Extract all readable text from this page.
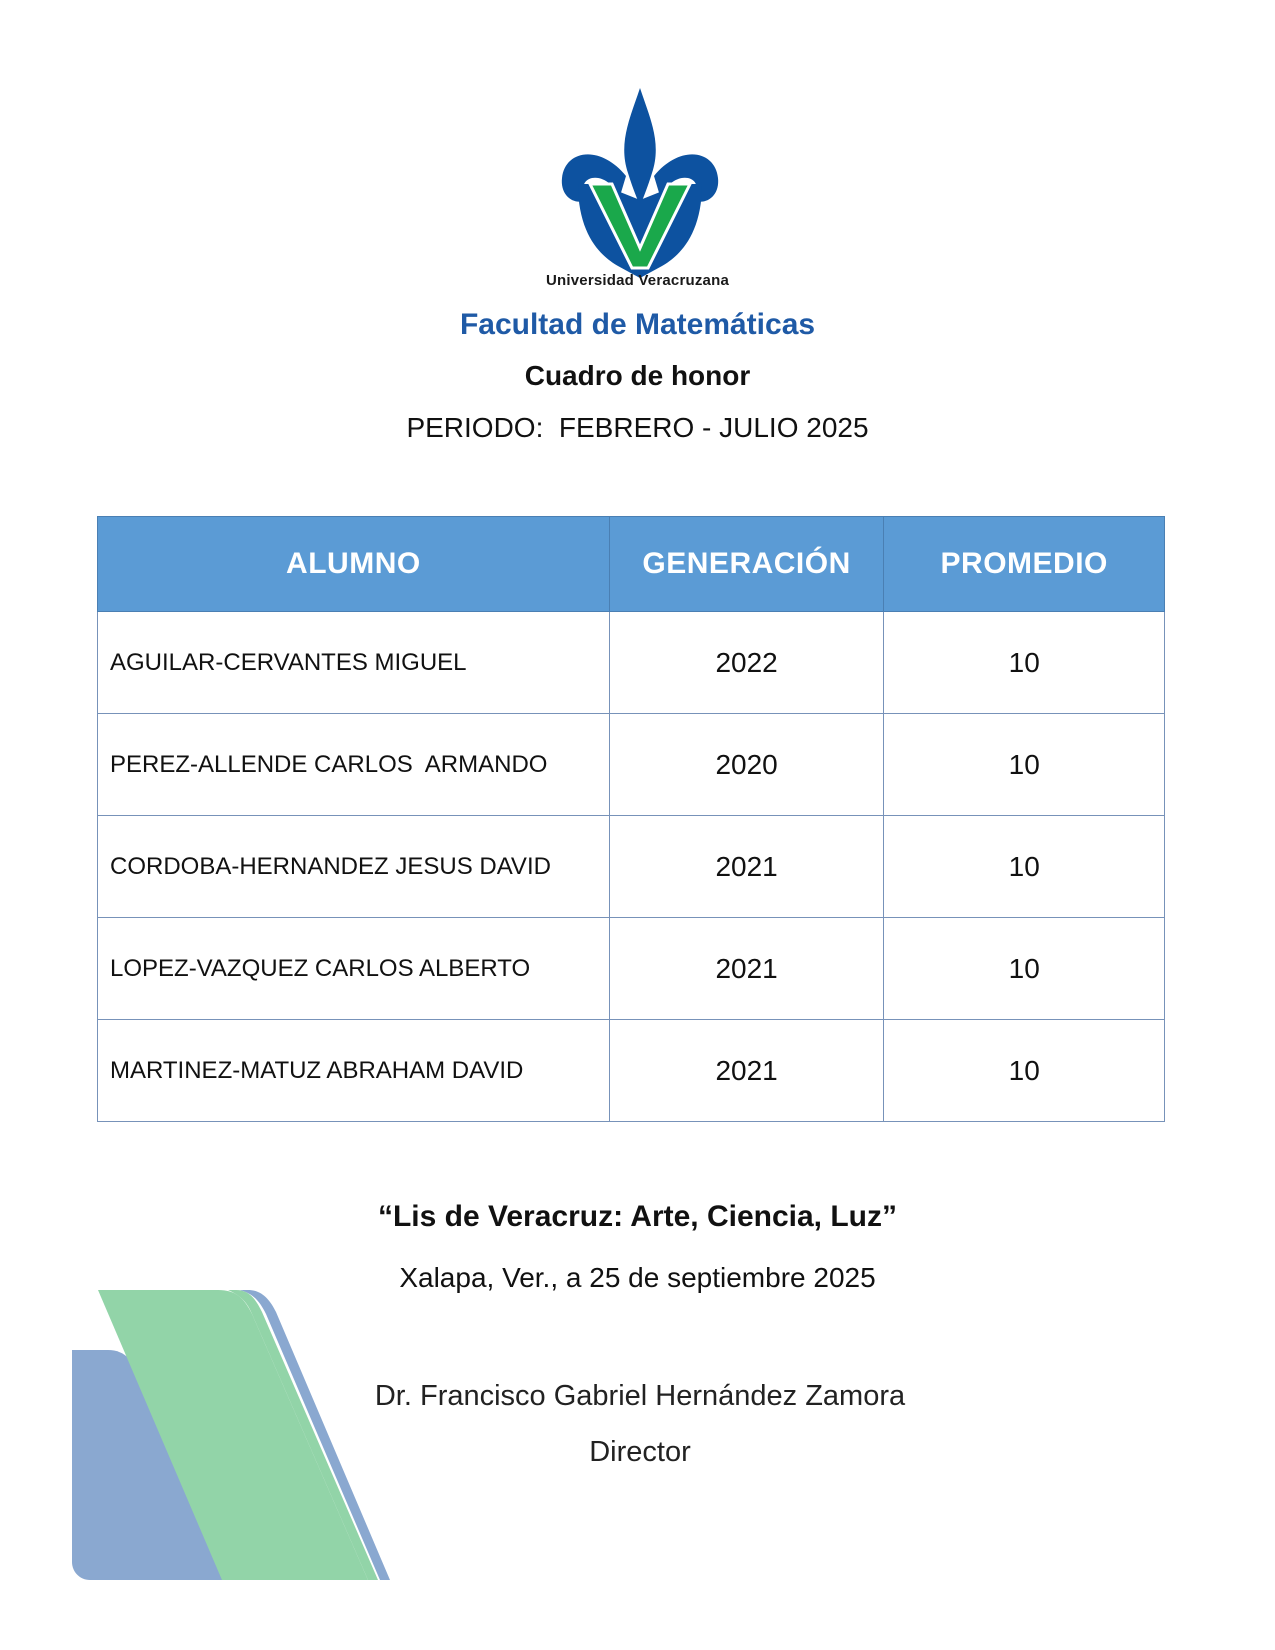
Universidad Veracruzana
Facultad de Matemáticas
Cuadro de honor
PERIODO:  FEBRERO - JULIO 2025
ALUMNO	GENERACIÓN	PROMEDIO
AGUILAR-CERVANTES MIGUEL	2022	10
PEREZ-ALLENDE CARLOS  ARMANDO	2020	10
CORDOBA-HERNANDEZ JESUS DAVID	2021	10
LOPEZ-VAZQUEZ CARLOS ALBERTO	2021	10
MARTINEZ-MATUZ ABRAHAM DAVID	2021	10
“Lis de Veracruz: Arte, Ciencia, Luz”
Xalapa, Ver., a 25 de septiembre 2025
Dr. Francisco Gabriel Hernández Zamora
Director
